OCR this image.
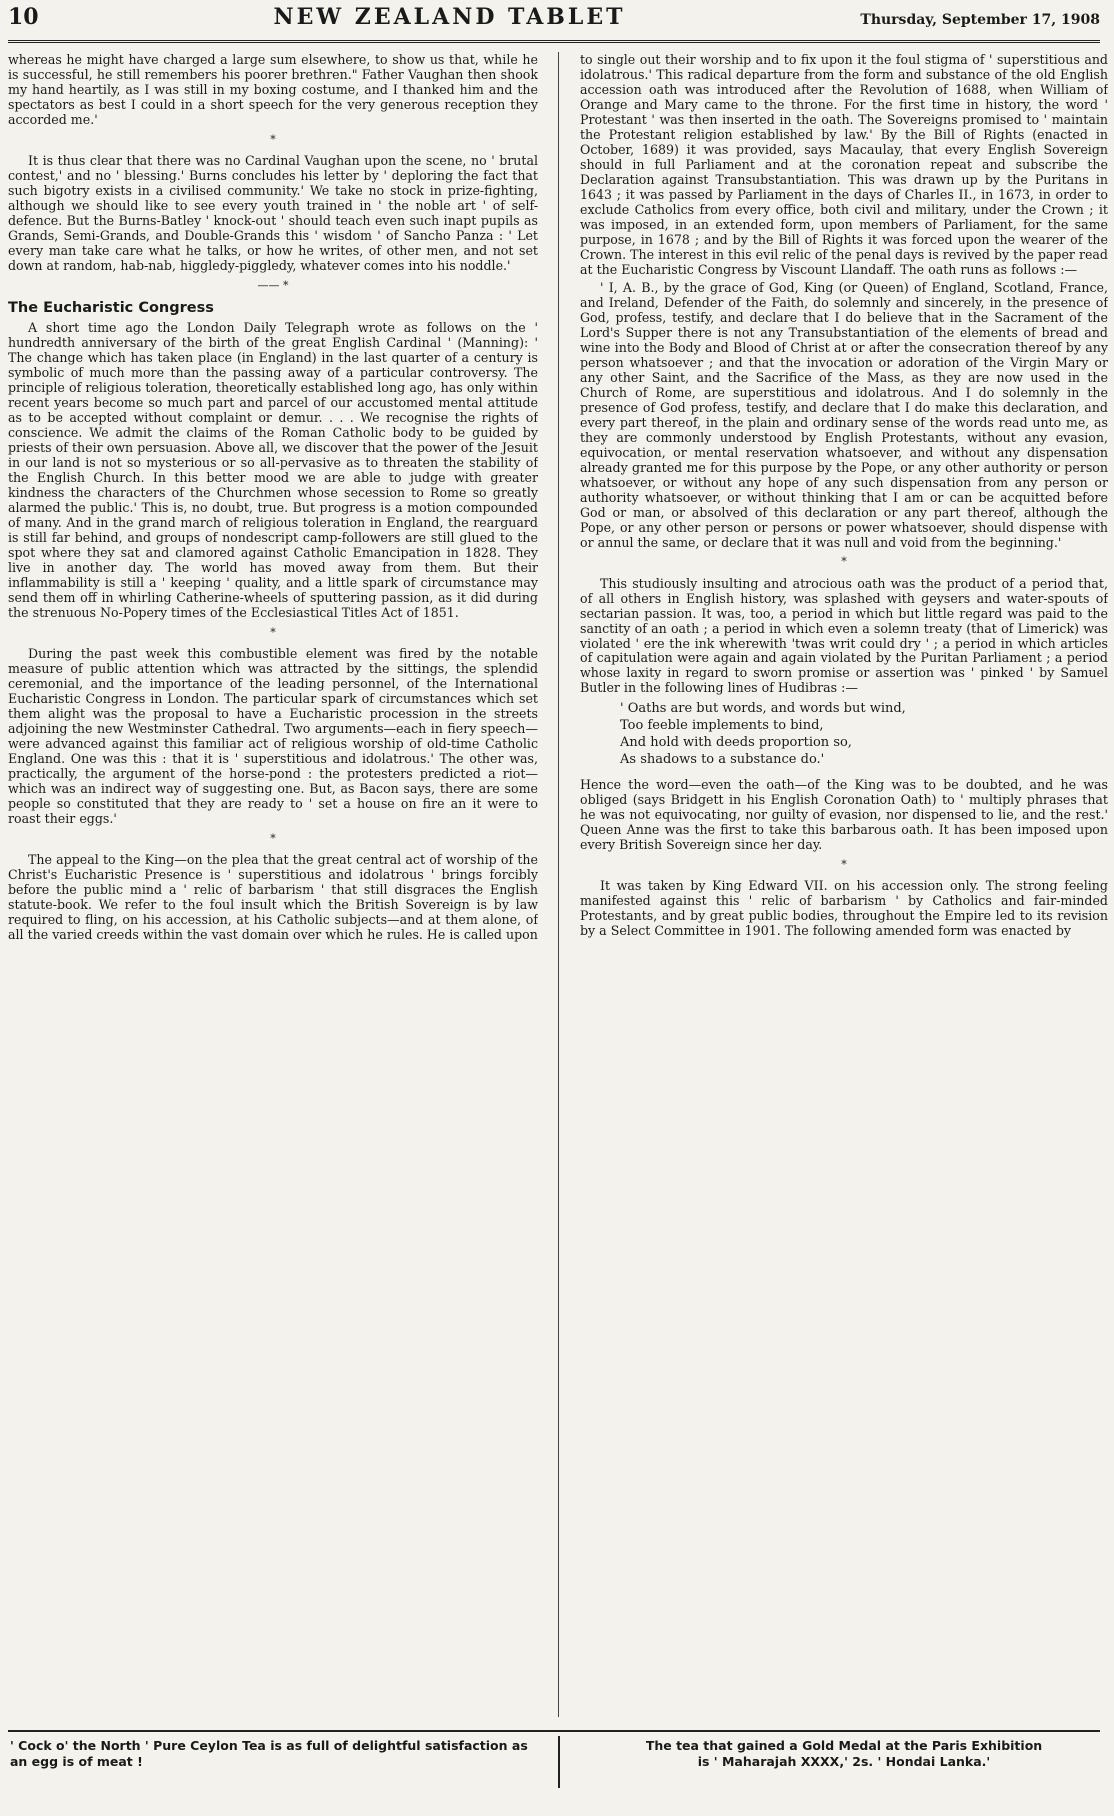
10	NEW ZEALAND TABLET	Thursday, September 17, 1908

whereas he might have charged a large sum elsewhere, to show us that, while he is successful, he still remembers his poorer brethren." Father Vaughan then shook my hand heartily, as I was still in my boxing costume, and I thanked him and the spectators as best I could in a short speech for the very generous reception they accorded me.'

*

It is thus clear that there was no Cardinal Vaughan upon the scene, no ' brutal contest,' and no ' blessing.' Burns concludes his letter by ' deploring the fact that such bigotry exists in a civilised community.' We take no stock in prize-fighting, although we should like to see every youth trained in ' the noble art ' of self-defence. But the Burns-Batley ' knock-out ' should teach even such inapt pupils as Grands, Semi-Grands, and Double-Grands this ' wisdom ' of Sancho Panza : ' Let every man take care what he talks, or how he writes, of other men, and not set down at random, hab-nab, higgledy-piggledy, whatever comes into his noddle.'

—— *
The Eucharistic Congress

A short time ago the London Daily Telegraph wrote as follows on the ' hundredth anniversary of the birth of the great English Cardinal ' (Manning): ' The change which has taken place (in England) in the last quarter of a century is symbolic of much more than the passing away of a particular controversy. The principle of religious toleration, theoretically established long ago, has only within recent years become so much part and parcel of our accustomed mental attitude as to be accepted without complaint or demur. . . . We recognise the rights of conscience. We admit the claims of the Roman Catholic body to be guided by priests of their own persuasion. Above all, we discover that the power of the Jesuit in our land is not so mysterious or so all-pervasive as to threaten the stability of the English Church. In this better mood we are able to judge with greater kindness the characters of the Churchmen whose secession to Rome so greatly alarmed the public.' This is, no doubt, true. But progress is a motion compounded of many. And in the grand march of religious toleration in England, the rearguard is still far behind, and groups of nondescript camp-followers are still glued to the spot where they sat and clamored against Catholic Emancipation in 1828. They live in another day. The world has moved away from them. But their inflammability is still a ' keeping ' quality, and a little spark of circumstance may send them off in whirling Catherine-wheels of sputtering passion, as it did during the strenuous No-Popery times of the Ecclesiastical Titles Act of 1851.

*

During the past week this combustible element was fired by the notable measure of public attention which was attracted by the sittings, the splendid ceremonial, and the importance of the leading personnel, of the International Eucharistic Congress in London. The particular spark of circumstances which set them alight was the proposal to have a Eucharistic procession in the streets adjoining the new Westminster Cathedral. Two arguments—each in fiery speech—were advanced against this familiar act of religious worship of old-time Catholic England. One was this : that it is ' superstitious and idolatrous.' The other was, practically, the argument of the horse-pond : the protesters predicted a riot—which was an indirect way of suggesting one. But, as Bacon says, there are some people so constituted that they are ready to ' set a house on fire an it were to roast their eggs.'

*

The appeal to the King—on the plea that the great central act of worship of the Christ's Eucharistic Presence is ' superstitious and idolatrous ' brings forcibly before the public mind a ' relic of barbarism ' that still disgraces the English statute-book. We refer to the foul insult which the British Sovereign is by law required to fling, on his accession, at his Catholic subjects—and at them alone, of all the varied creeds within the vast domain over which he rules. He is called upon

to single out their worship and to fix upon it the foul stigma of ' superstitious and idolatrous.' This radical departure from the form and substance of the old English accession oath was introduced after the Revolution of 1688, when William of Orange and Mary came to the throne. For the first time in history, the word ' Protestant ' was then inserted in the oath. The Sovereigns promised to ' maintain the Protestant religion established by law.' By the Bill of Rights (enacted in October, 1689) it was provided, says Macaulay, that every English Sovereign should in full Parliament and at the coronation repeat and subscribe the Declaration against Transubstantiation. This was drawn up by the Puritans in 1643 ; it was passed by Parliament in the days of Charles II., in 1673, in order to exclude Catholics from every office, both civil and military, under the Crown ; it was imposed, in an extended form, upon members of Parliament, for the same purpose, in 1678 ; and by the Bill of Rights it was forced upon the wearer of the Crown. The interest in this evil relic of the penal days is revived by the paper read at the Eucharistic Congress by Viscount Llandaff. The oath runs as follows :—

' I, A. B., by the grace of God, King (or Queen) of England, Scotland, France, and Ireland, Defender of the Faith, do solemnly and sincerely, in the presence of God, profess, testify, and declare that I do believe that in the Sacrament of the Lord's Supper there is not any Transubstantiation of the elements of bread and wine into the Body and Blood of Christ at or after the consecration thereof by any person whatsoever ; and that the invocation or adoration of the Virgin Mary or any other Saint, and the Sacrifice of the Mass, as they are now used in the Church of Rome, are superstitious and idolatrous. And I do solemnly in the presence of God profess, testify, and declare that I do make this declaration, and every part thereof, in the plain and ordinary sense of the words read unto me, as they are commonly understood by English Protestants, without any evasion, equivocation, or mental reservation whatsoever, and without any dispensation already granted me for this purpose by the Pope, or any other authority or person whatsoever, or without any hope of any such dispensation from any person or authority whatsoever, or without thinking that I am or can be acquitted before God or man, or absolved of this declaration or any part thereof, although the Pope, or any other person or persons or power whatsoever, should dispense with or annul the same, or declare that it was null and void from the beginning.'

*

This studiously insulting and atrocious oath was the product of a period that, of all others in English history, was splashed with geysers and water-spouts of sectarian passion. It was, too, a period in which but little regard was paid to the sanctity of an oath ; a period in which even a solemn treaty (that of Limerick) was violated ' ere the ink wherewith 'twas writ could dry ' ; a period in which articles of capitulation were again and again violated by the Puritan Parliament ; a period whose laxity in regard to sworn promise or assertion was ' pinked ' by Samuel Butler in the following lines of Hudibras :—

' Oaths are but words, and words but wind,
Too feeble implements to bind,
And hold with deeds proportion so,
As shadows to a substance do.'

Hence the word—even the oath—of the King was to be doubted, and he was obliged (says Bridgett in his English Coronation Oath) to ' multiply phrases that he was not equivocating, nor guilty of evasion, nor dispensed to lie, and the rest.' Queen Anne was the first to take this barbarous oath. It has been imposed upon every British Sovereign since her day.

*

It was taken by King Edward VII. on his accession only. The strong feeling manifested against this ' relic of barbarism ' by Catholics and fair-minded Protestants, and by great public bodies, throughout the Empire led to its revision by a Select Committee in 1901. The following amended form was enacted by

' Cock o' the North ' Pure Ceylon Tea is as full of delightful satisfaction as an egg is of meat !
The tea that gained a Gold Medal at the Paris Exhibition
is ' Maharajah XXXX,' 2s. ' Hondai Lanka.'
